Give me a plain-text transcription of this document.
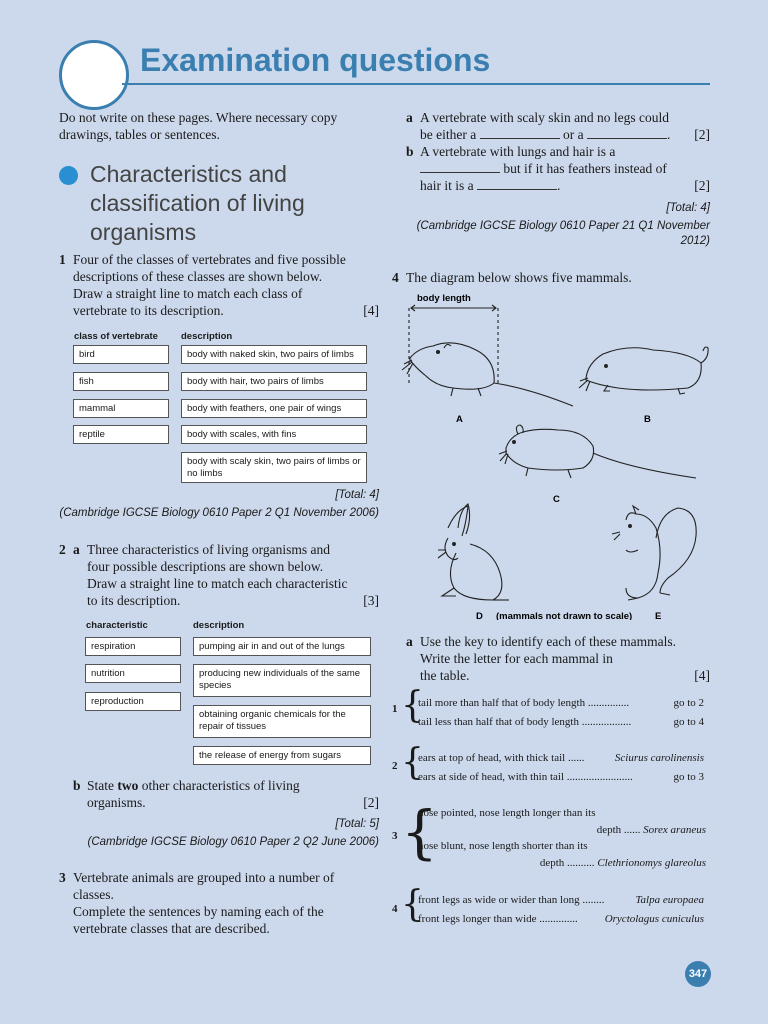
Examination questions
Do not write on these pages. Where necessary copy
drawings, tables or sentences.
Characteristics and
classification of living
organisms
1 Four of the classes of vertebrates and five possible
descriptions of these classes are shown below.
Draw a straight line to match each class of
vertebrate to its description.	[4]
class of vertebrate description
bird
fish
mammal
reptile
body with naked skin, two pairs of limbs
body with hair, two pairs of limbs
body with feathers, one pair of wings
body with scales, with fins
body with scaly skin, two pairs of limbs or no limbs
[Total: 4]
(Cambridge IGCSE Biology 0610 Paper 2 Q1 November 2006)
2 a Three characteristics of living organisms and
four possible descriptions are shown below.
Draw a straight line to match each characteristic
to its description.	[3]
characteristic	description
respiration
nutrition
reproduction
pumping air in and out of the lungs
producing new individuals of the same species
obtaining organic chemicals for the repair of tissues
the release of energy from sugars
b State two other characteristics of living
organisms.	[2]
[Total: 5]
(Cambridge IGCSE Biology 0610 Paper 2 Q2 June 2006)
3 Vertebrate animals are grouped into a number of
classes.
Complete the sentences by naming each of the
vertebrate classes that are described.
a A vertebrate with scaly skin and no legs could
be either a	or a	. [2]
b A vertebrate with lungs and hair is a
but if it has feathers instead of
hair it is a	.	[2]
[Total: 4]
(Cambridge IGCSE Biology 0610 Paper 21 Q1 November
2012)
4 The diagram below shows five mammals.
body length
A	B
C
D (mammals not drawn to scale) E
a Use the key to identify each of these mammals.
Write the letter for each mammal in
the table.	[4]
1 {
tail more than half that of body length ...............	go to 2
tail less than half that of body length ..................	go to 4
2 {
ears at top of head, with thick tail ......	Sciurus carolinensis
ears at side of head, with thin tail ........................	go to 3
3 {
nose pointed, nose length longer than its
depth ...... Sorex araneus
nose blunt, nose length shorter than its
depth .......... Clethrionomys glareolus
4 {
front legs as wide or wider than long ........	Talpa europaea
front legs longer than wide .............. Oryctolagus cuniculus
347
